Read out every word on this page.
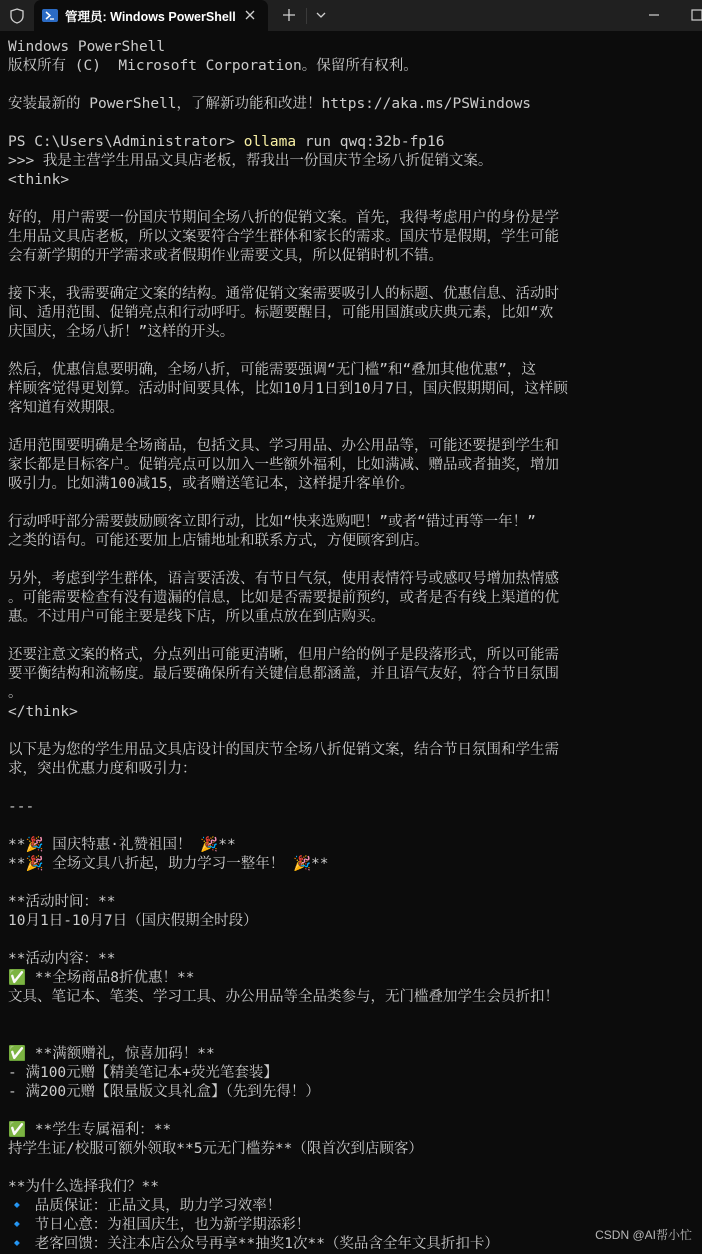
管理员: Windows PowerShell
Windows PowerShell
版权所有 (C)  Microsoft Corporation。保留所有权利。
安装最新的 PowerShell，了解新功能和改进！https://aka.ms/PSWindows
PS C:\Users\Administrator> ollama run qwq:32b-fp16
>>> 我是主营学生用品文具店老板，帮我出一份国庆节全场八折促销文案。
<think>
好的，用户需要一份国庆节期间全场八折的促销文案。首先，我得考虑用户的身份是学
生用品文具店老板，所以文案要符合学生群体和家长的需求。国庆节是假期，学生可能
会有新学期的开学需求或者假期作业需要文具，所以促销时机不错。
接下来，我需要确定文案的结构。通常促销文案需要吸引人的标题、优惠信息、活动时
间、适用范围、促销亮点和行动呼吁。标题要醒目，可能用国旗或庆典元素，比如“欢
庆国庆，全场八折！”这样的开头。
然后，优惠信息要明确，全场八折，可能需要强调“无门槛”和“叠加其他优惠”，这
样顾客觉得更划算。活动时间要具体，比如10月1日到10月7日，国庆假期期间，这样顾
客知道有效期限。
适用范围要明确是全场商品，包括文具、学习用品、办公用品等，可能还要提到学生和
家长都是目标客户。促销亮点可以加入一些额外福利，比如满减、赠品或者抽奖，增加
吸引力。比如满100减15，或者赠送笔记本，这样提升客单价。
行动呼吁部分需要鼓励顾客立即行动，比如“快来选购吧！”或者“错过再等一年！”
之类的语句。可能还要加上店铺地址和联系方式，方便顾客到店。
另外，考虑到学生群体，语言要活泼、有节日气氛，使用表情符号或感叹号增加热情感
。可能需要检查有没有遗漏的信息，比如是否需要提前预约，或者是否有线上渠道的优
惠。不过用户可能主要是线下店，所以重点放在到店购买。
还要注意文案的格式，分点列出可能更清晰，但用户给的例子是段落形式，所以可能需
要平衡结构和流畅度。最后要确保所有关键信息都涵盖，并且语气友好，符合节日氛围
。
</think>
以下是为您的学生用品文具店设计的国庆节全场八折促销文案，结合节日氛围和学生需
求，突出优惠力度和吸引力：
---
**🎉 国庆特惠·礼赞祖国！ 🎉**
**🎉 全场文具八折起，助力学习一整年！ 🎉**
**活动时间：**
10月1日-10月7日（国庆假期全时段）
**活动内容：**
✅ **全场商品8折优惠！**
文具、笔记本、笔类、学习工具、办公用品等全品类参与，无门槛叠加学生会员折扣！
✅ **满额赠礼，惊喜加码！**
- 满100元赠【精美笔记本+荧光笔套装】
- 满200元赠【限量版文具礼盒】（先到先得！）
✅ **学生专属福利：**
持学生证/校服可额外领取**5元无门槛券**（限首次到店顾客）
**为什么选择我们？**
🔹 品质保证：正品文具，助力学习效率！
🔹 节日心意：为祖国庆生，也为新学期添彩！
🔹 老客回馈：关注本店公众号再享**抽奖1次**（奖品含全年文具折扣卡）
CSDN @AI帮小忙
